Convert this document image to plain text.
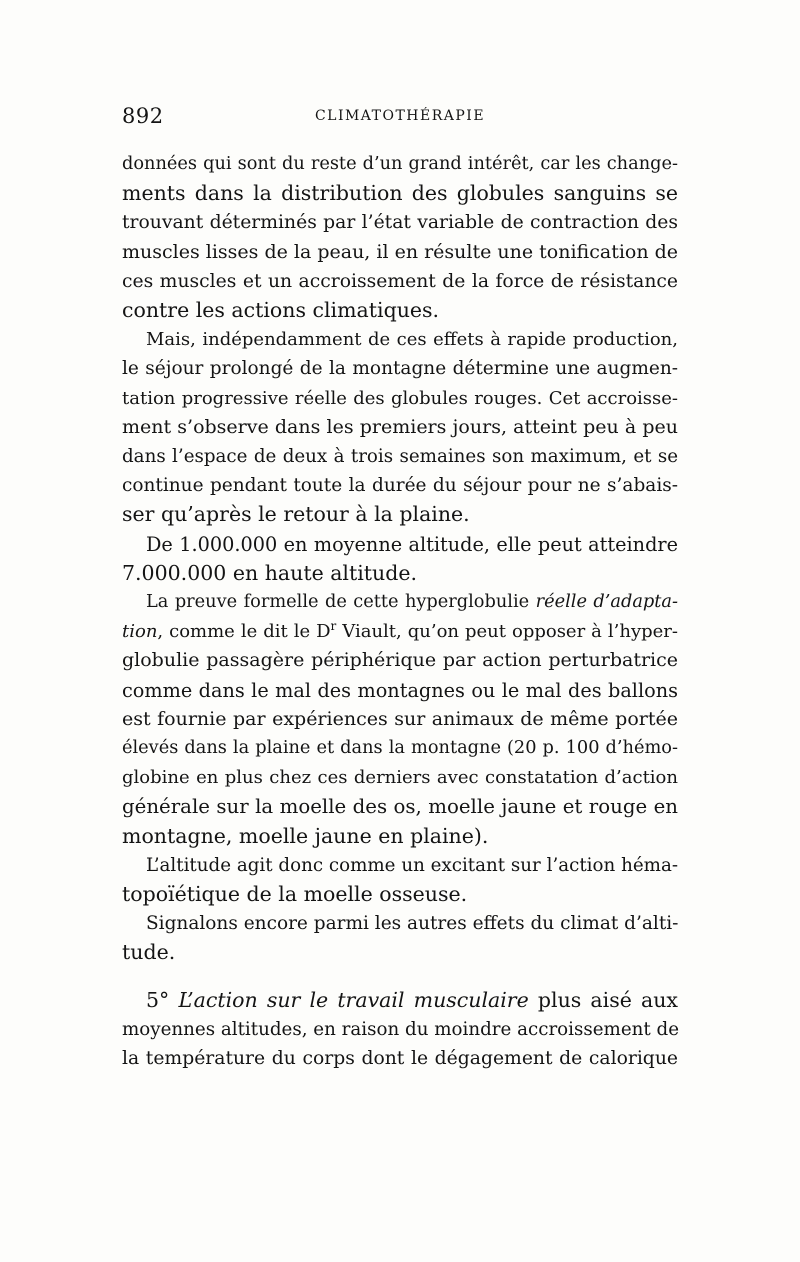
892	CLIMATOTHÉRAPIE
données qui sont du reste d’un grand intérêt, car les change-
ments dans la distribution des globules sanguins se
trouvant déterminés par l’état variable de contraction des
muscles lisses de la peau, il en résulte une tonification de
ces muscles et un accroissement de la force de résistance
contre les actions climatiques.
Mais, indépendamment de ces effets à rapide production,
le séjour prolongé de la montagne détermine une augmen-
tation progressive réelle des globules rouges. Cet accroisse-
ment s’observe dans les premiers jours, atteint peu à peu
dans l’espace de deux à trois semaines son maximum, et se
continue pendant toute la durée du séjour pour ne s’abais-
ser qu’après le retour à la plaine.
De 1.000.000 en moyenne altitude, elle peut atteindre
7.000.000 en haute altitude.
La preuve formelle de cette hyperglobulie réelle d’adapta-
tion, comme le dit le $D^r$ Viault, qu’on peut opposer à l’hyper-
globulie passagère périphérique par action perturbatrice
comme dans le mal des montagnes ou le mal des ballons
est fournie par expériences sur animaux de même portée
élevés dans la plaine et dans la montagne (20 p. 100 d’hémo-
globine en plus chez ces derniers avec constatation d’action
générale sur la moelle des os, moelle jaune et rouge en
montagne, moelle jaune en plaine).
L’altitude agit donc comme un excitant sur l’action héma-
topoïétique de la moelle osseuse.
Signalons encore parmi les autres effets du climat d’alti-
tude.
5° L’action sur le travail musculaire plus aisé aux
moyennes altitudes, en raison du moindre accroissement de
la température du corps dont le dégagement de calorique
